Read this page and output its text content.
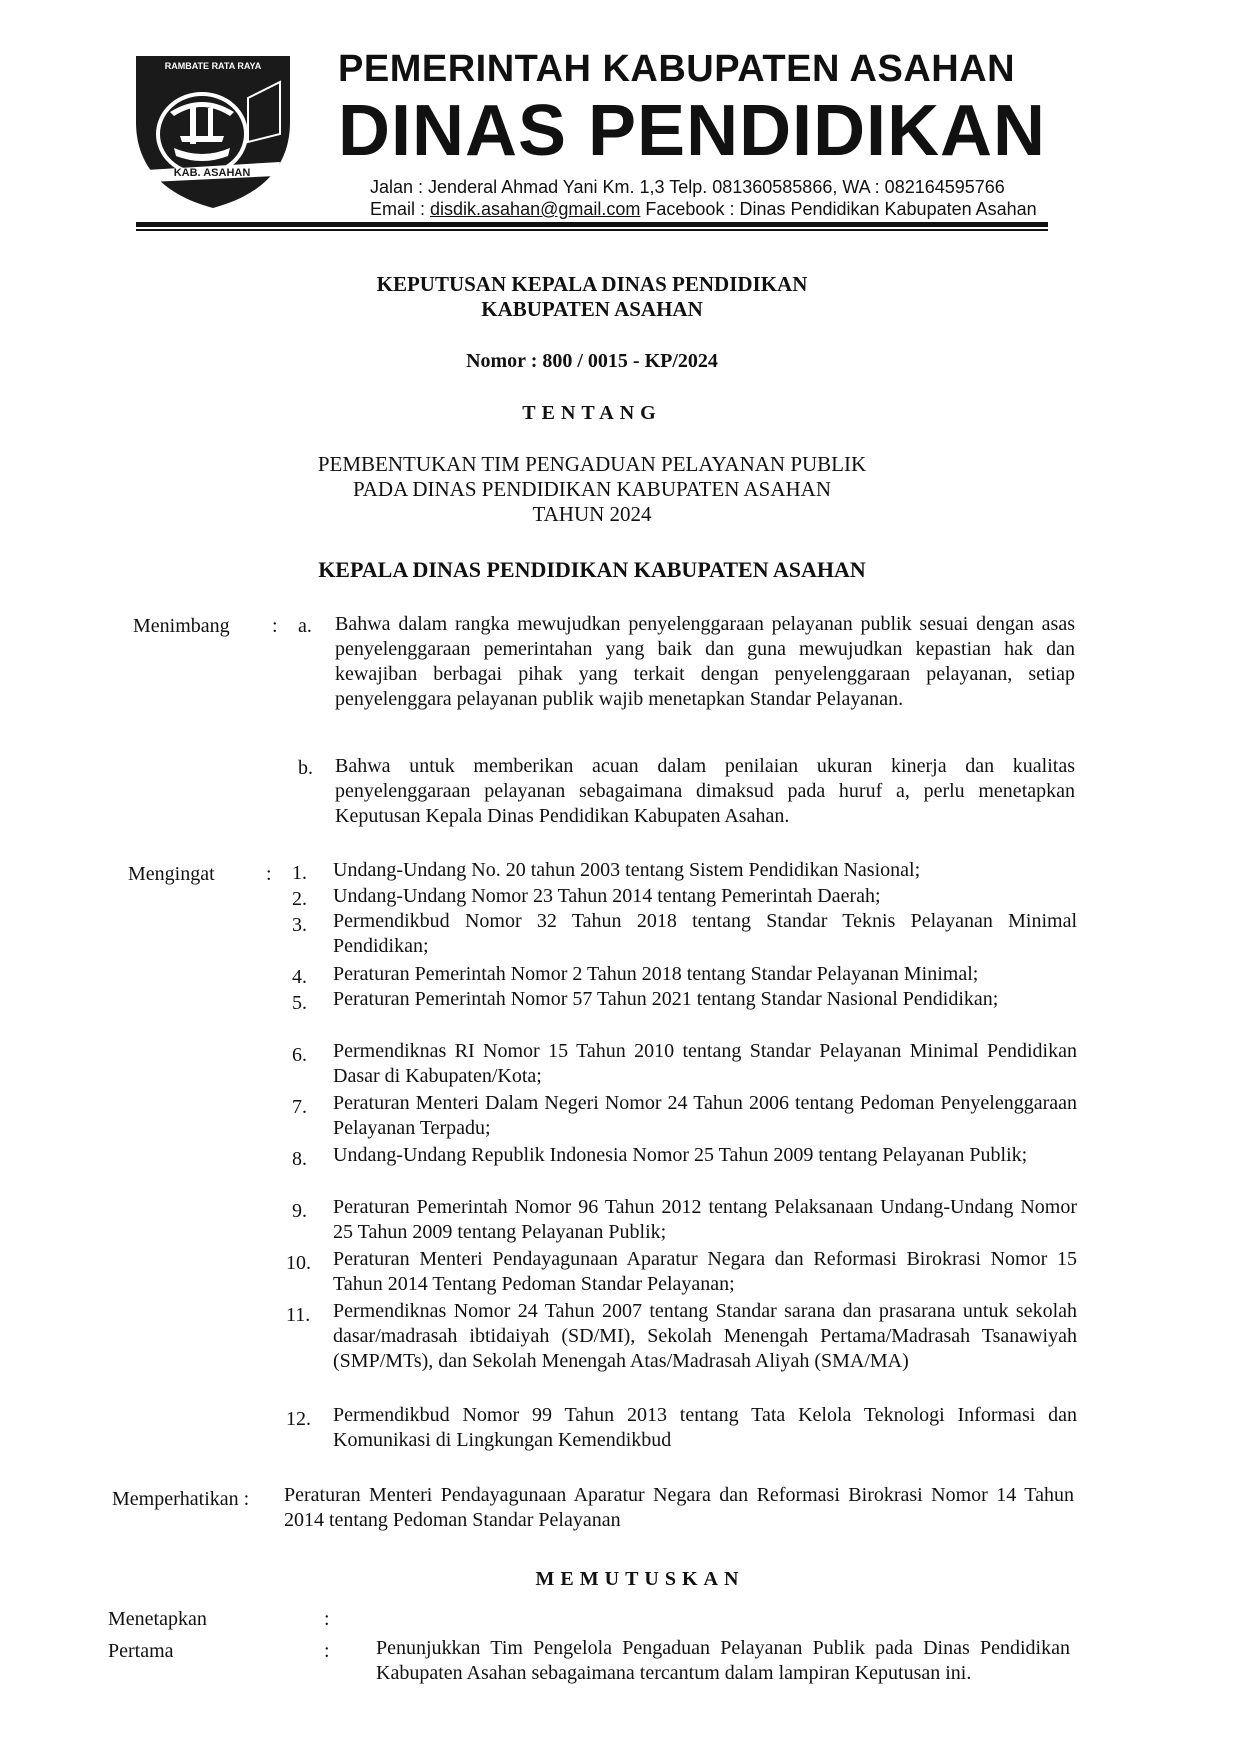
RAMBATE RATA RAYA
KAB. ASAHAN

PEMERINTAH KABUPATEN ASAHAN

DINAS PENDIDIKAN

Jalan : Jenderal Ahmad Yani Km. 1,3 Telp. 081360585866, WA : 082164595766
Email : disdik.asahan@gmail.com Facebook : Dinas Pendidikan Kabupaten Asahan
KEPUTUSAN KEPALA DINAS PENDIDIKAN
KABUPATEN ASAHAN
Nomor : 800 / 0015 - KP/2024
TENTANG
PEMBENTUKAN TIM PENGADUAN PELAYANAN PUBLIK
PADA DINAS PENDIDIKAN KABUPATEN ASAHAN
TAHUN 2024
KEPALA DINAS PENDIDIKAN KABUPATEN ASAHAN
Menimbang : a. Bahwa dalam rangka mewujudkan penyelenggaraan pelayanan publik sesuai dengan asas penyelenggaraan pemerintahan yang baik dan guna mewujudkan kepastian hak dan kewajiban berbagai pihak yang terkait dengan penyelenggaraan pelayanan, setiap penyelenggara pelayanan publik wajib menetapkan Standar Pelayanan.
b. Bahwa untuk memberikan acuan dalam penilaian ukuran kinerja dan kualitas penyelenggaraan pelayanan sebagaimana dimaksud pada huruf a, perlu menetapkan Keputusan Kepala Dinas Pendidikan Kabupaten Asahan.
Mengingat	: 1. Undang-Undang No. 20 tahun 2003 tentang Sistem Pendidikan Nasional;
2. Undang-Undang Nomor 23 Tahun 2014 tentang Pemerintah Daerah;
3. Permendikbud Nomor 32 Tahun 2018 tentang Standar Teknis Pelayanan Minimal Pendidikan;
4. Peraturan Pemerintah Nomor 2 Tahun 2018 tentang Standar Pelayanan Minimal;
5. Peraturan Pemerintah Nomor 57 Tahun 2021 tentang Standar Nasional Pendidikan;
6. Permendiknas RI Nomor 15 Tahun 2010 tentang Standar Pelayanan Minimal Pendidikan Dasar di Kabupaten/Kota;
7. Peraturan Menteri Dalam Negeri Nomor 24 Tahun 2006 tentang Pedoman Penyelenggaraan Pelayanan Terpadu;
8. Undang-Undang Republik Indonesia Nomor 25 Tahun 2009 tentang Pelayanan Publik;
9. Peraturan Pemerintah Nomor 96 Tahun 2012 tentang Pelaksanaan Undang-Undang Nomor 25 Tahun 2009 tentang Pelayanan Publik;
10. Peraturan Menteri Pendayagunaan Aparatur Negara dan Reformasi Birokrasi Nomor 15 Tahun 2014 Tentang Pedoman Standar Pelayanan;
11. Permendiknas Nomor 24 Tahun 2007 tentang Standar sarana dan prasarana untuk sekolah dasar/madrasah ibtidaiyah (SD/MI), Sekolah Menengah Pertama/Madrasah Tsanawiyah (SMP/MTs), dan Sekolah Menengah Atas/Madrasah Aliyah (SMA/MA)
12. Permendikbud Nomor 99 Tahun 2013 tentang Tata Kelola Teknologi Informasi dan Komunikasi di Lingkungan Kemendikbud
Memperhatikan : Peraturan Menteri Pendayagunaan Aparatur Negara dan Reformasi Birokrasi Nomor 14 Tahun 2014 tentang Pedoman Standar Pelayanan
MEMUTUSKAN
Menetapkan	:
Pertama	: Penunjukkan Tim Pengelola Pengaduan Pelayanan Publik pada Dinas Pendidikan Kabupaten Asahan sebagaimana tercantum dalam lampiran Keputusan ini.
